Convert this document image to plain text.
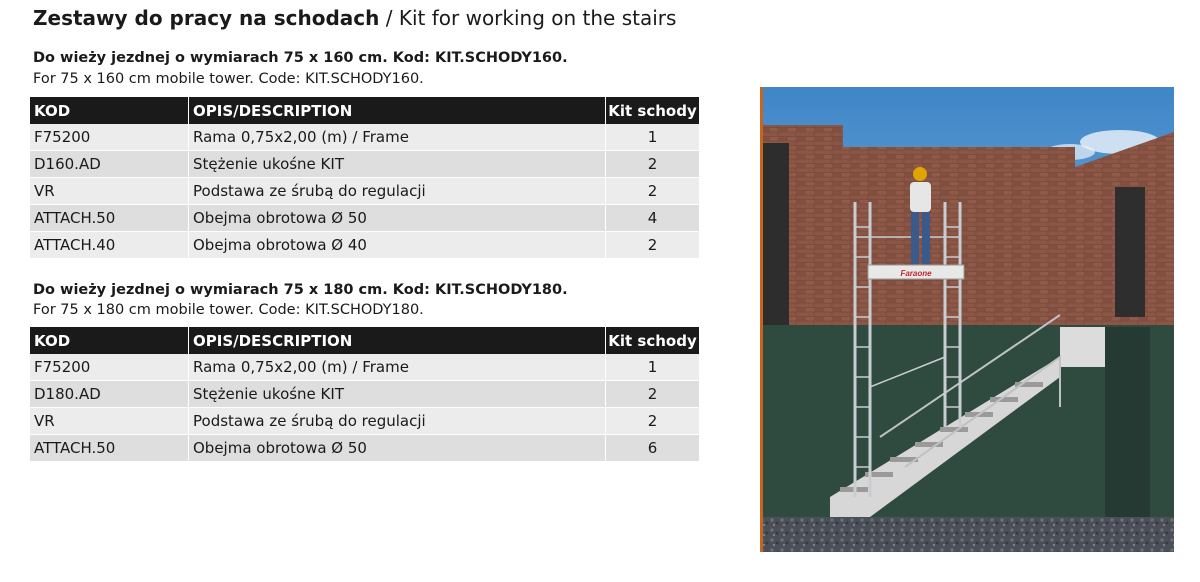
Zestawy do pracy na schodach / Kit for working on the stairs
Do wieży jezdnej o wymiarach 75 x 160 cm. Kod: KIT.SCHODY160.
For 75 x 160 cm mobile tower. Code: KIT.SCHODY160.
KOD	OPIS/DESCRIPTION	Kit schody
F75200	Rama 0,75x2,00 (m) / Frame	1
D160.AD	Stężenie ukośne KIT	2
VR	Podstawa ze śrubą do regulacji	2
ATTACH.50	Obejma obrotowa Ø 50	4
ATTACH.40	Obejma obrotowa Ø 40	2
Do wieży jezdnej o wymiarach 75 x 180 cm. Kod: KIT.SCHODY180.
For 75 x 180 cm mobile tower. Code: KIT.SCHODY180.
KOD	OPIS/DESCRIPTION	Kit schody
F75200	Rama 0,75x2,00 (m) / Frame	1
D180.AD	Stężenie ukośne KIT	2
VR	Podstawa ze śrubą do regulacji	2
ATTACH.50	Obejma obrotowa Ø 50	6
Faraone
